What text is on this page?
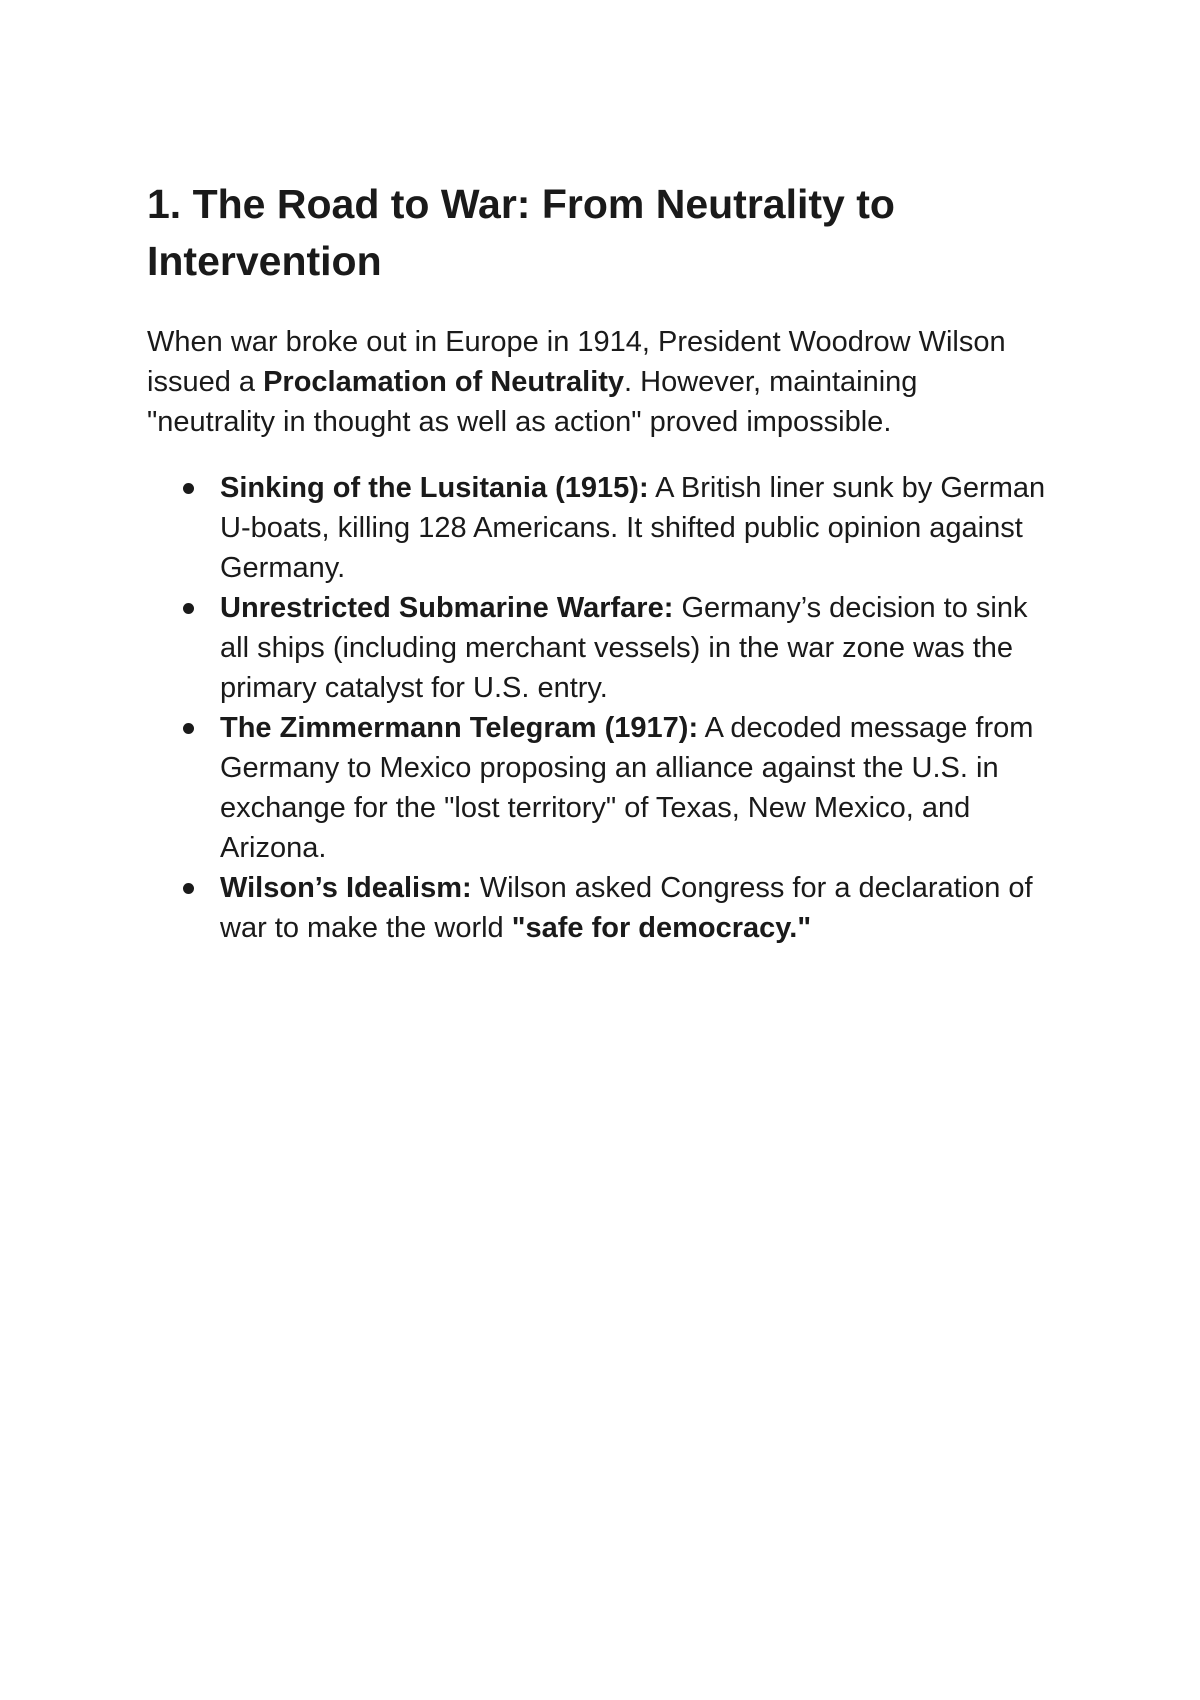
1. The Road to War: From Neutrality to Intervention

When war broke out in Europe in 1914, President Woodrow Wilson issued a Proclamation of Neutrality. However, maintaining "neutrality in thought as well as action" proved impossible.

Sinking of the Lusitania (1915): A British liner sunk by German U-boats, killing 128 Americans. It shifted public opinion against Germany.
Unrestricted Submarine Warfare: Germany’s decision to sink all ships (including merchant vessels) in the war zone was the primary catalyst for U.S. entry.
The Zimmermann Telegram (1917): A decoded message from Germany to Mexico proposing an alliance against the U.S. in exchange for the "lost territory" of Texas, New Mexico, and Arizona.
Wilson’s Idealism: Wilson asked Congress for a declaration of war to make the world "safe for democracy."
